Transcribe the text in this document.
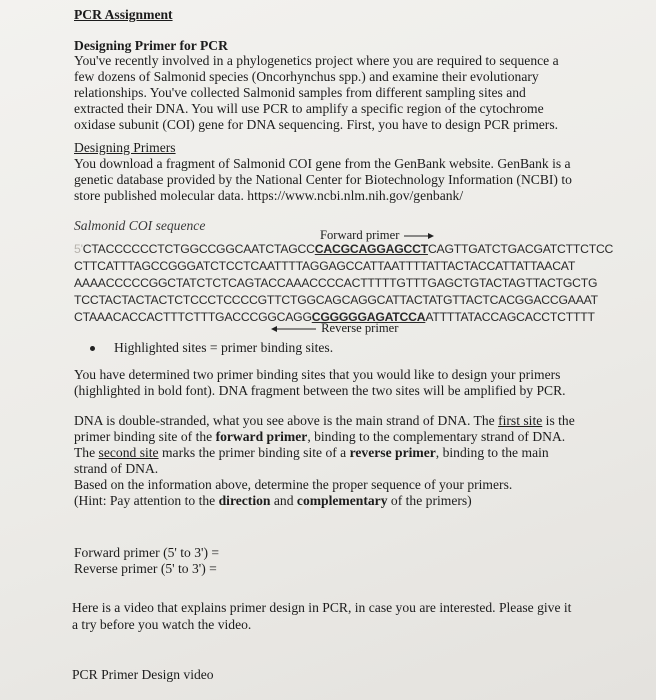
PCR Assignment

Designing Primer for PCR

You've recently involved in a phylogenetics project where you are required to sequence a

few dozens of Salmonid species (Oncorhynchus spp.) and examine their evolutionary

relationships. You've collected Salmonid samples from different sampling sites and

extracted their DNA. You will use PCR to amplify a specific region of the cytochrome

oxidase subunit (COI) gene for DNA sequencing. First, you have to design PCR primers.

Designing Primers

You download a fragment of Salmonid COI gene from the GenBank website. GenBank is a

genetic database provided by the National Center for Biotechnology Information (NCBI) to

store published molecular data. https://www.ncbi.nlm.nih.gov/genbank/

Salmonid COI sequence

Forward primer

5'CTACCCCCCTCTGGCCGGCAATCTAGCCCACGCAGGAGCCTCAGTTGATCTGACGATCTTCTCC

CTTCATTTAGCCGGGATCTCCTCAATTTTAGGAGCCATTAATTTTATTACTACCATTATTAACAT

AAAACCCCCGGCTATCTCTCAGTACCAAACCCCACTTTTTGTTTGAGCTGTACTAGTTACTGCTG

TCCTACTACTACTCTCCCTCCCCGTTCTGGCAGCAGGCATTACTATGTTACTCACGGACCGAAAT

CTAAACACCACTTTCTTTGACCCGGCAGGCGGGGGAGATCCAATTTTATACCAGCACCTCTTTT

Reverse primer

Highlighted sites = primer binding sites.

You have determined two primer binding sites that you would like to design your primers

(highlighted in bold font). DNA fragment between the two sites will be amplified by PCR.

DNA is double-stranded, what you see above is the main strand of DNA. The first site is the

primer binding site of the forward primer, binding to the complementary strand of DNA.

The second site marks the primer binding site of a reverse primer, binding to the main

strand of DNA.

Based on the information above, determine the proper sequence of your primers.

(Hint: Pay attention to the direction and complementary of the primers)

Forward primer (5' to 3') =

Reverse primer (5' to 3') =

Here is a video that explains primer design in PCR, in case you are interested. Please give it

a try before you watch the video.

PCR Primer Design video
